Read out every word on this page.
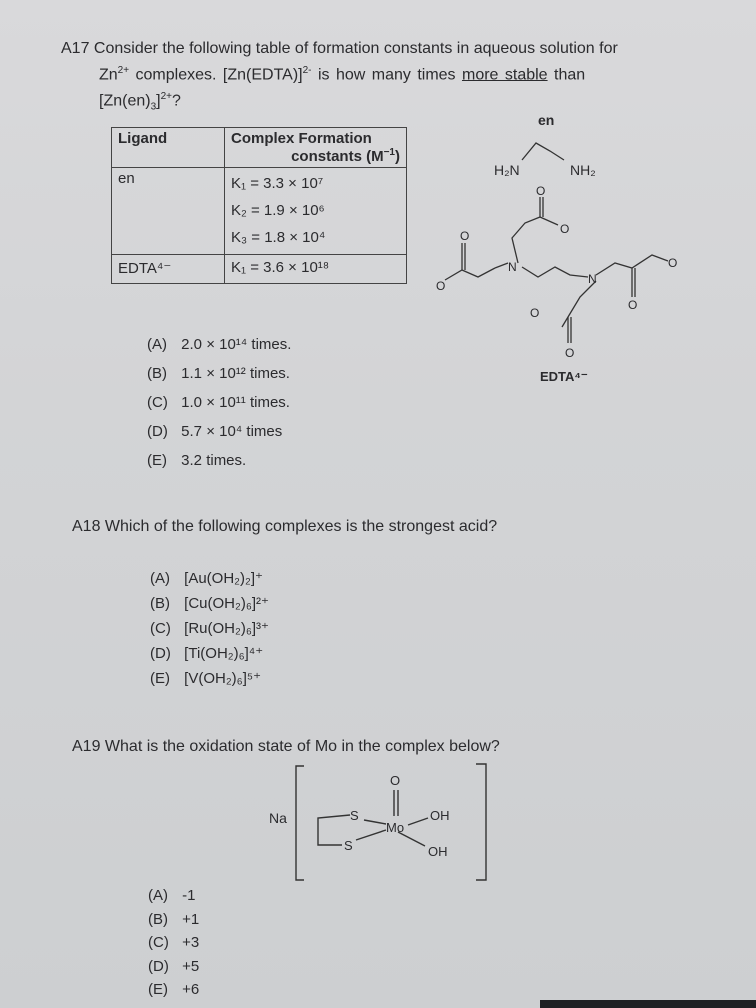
A17 Consider the following table of formation constants in aqueous solution for
$Zn^{2+}$ complexes. [Zn(EDTA)]$^{2-}$ is how many times more stable than
$[Zn(en)_3]^{2+}$?
Ligand	Complex Formation
constants $(M^{-1})$

en	K₁ = 3.3 × 10⁷
K₂ = 1.9 × 10⁶
K₃ = 1.8 × 10⁴

EDTA⁴⁻	K₁ = 3.6 × 10¹⁸
en
H₂N	NH₂
O
O
N
O
O
N
O
O
O
O
EDTA⁴⁻
(A) 2.0 × 10¹⁴ times.
(B) 1.1 × 10¹² times.
(C) 1.0 × 10¹¹ times.
(D) 5.7 × 10⁴ times
(E) 3.2 times.
A18 Which of the following complexes is the strongest acid?
(A) [Au(OH₂)₂]⁺
(B) [Cu(OH₂)₆]²⁺
(C) [Ru(OH₂)₆]³⁺
(D) [Ti(OH₂)₆]⁴⁺
(E) [V(OH₂)₆]⁵⁺
A19 What is the oxidation state of Mo in the complex below?
Na	S
S
Mo
O
OH
OH
(A) -1
(B) +1
(C) +3
(D) +5
(E) +6
